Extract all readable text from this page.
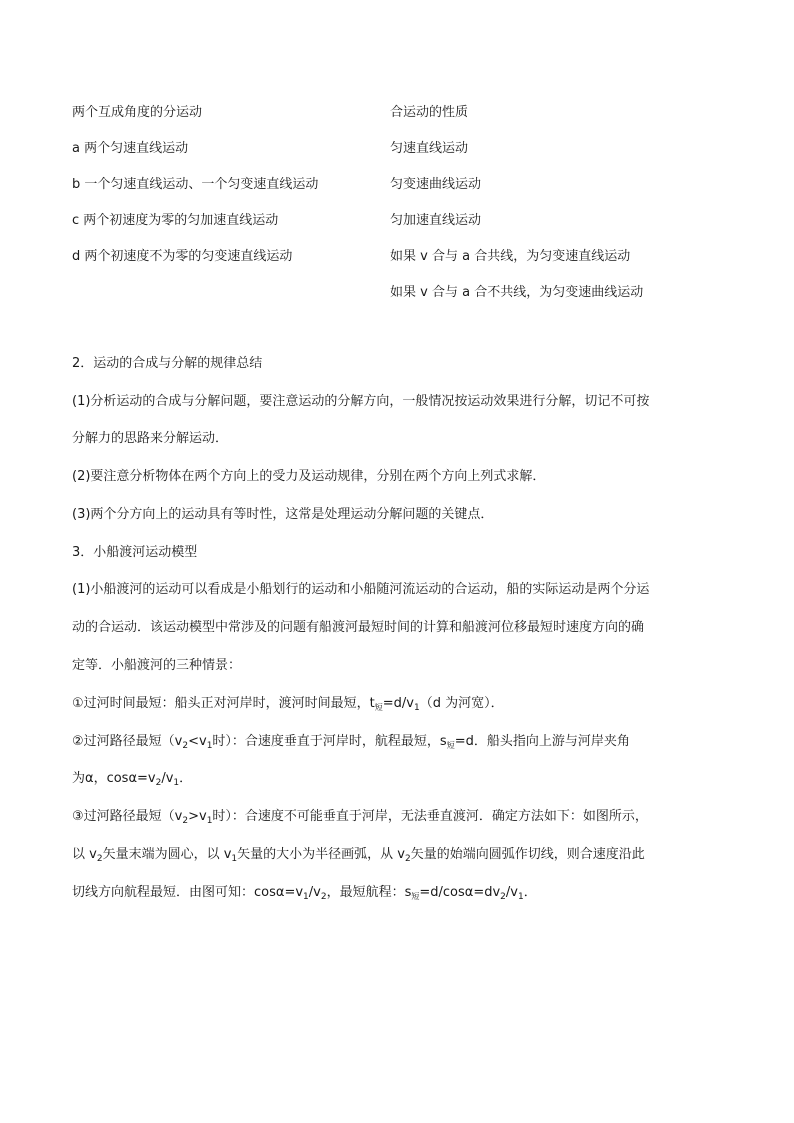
两个互成角度的分运动	合运动的性质
a 两个匀速直线运动	匀速直线运动
b 一个匀速直线运动、一个匀变速直线运动	匀变速曲线运动
c 两个初速度为零的匀加速直线运动	匀加速直线运动
d 两个初速度不为零的匀变速直线运动	如果 v 合与 a 合共线，为匀变速直线运动
如果 v 合与 a 合不共线，为匀变速曲线运动
2．运动的合成与分解的规律总结
(1)分析运动的合成与分解问题，要注意运动的分解方向，一般情况按运动效果进行分解，切记不可按
分解力的思路来分解运动．
(2)要注意分析物体在两个方向上的受力及运动规律，分别在两个方向上列式求解．
(3)两个分方向上的运动具有等时性，这常是处理运动分解问题的关键点．
3．小船渡河运动模型
(1)小船渡河的运动可以看成是小船划行的运动和小船随河流运动的合运动，船的实际运动是两个分运
动的合运动．该运动模型中常涉及的问题有船渡河最短时间的计算和船渡河位移最短时速度方向的确
定等．小船渡河的三种情景：
①过河时间最短：船头正对河岸时，渡河时间最短，$t_短=d/v_1(d$ 为河宽）．
②过河路径最短（$v_2<v_1$时）：合速度垂直于河岸时，航程最短，$s_短=d$．船头指向上游与河岸夹角
为α，$\cos\alpha=v_2/v_1$．
③过河路径最短（$v_2>v_1$时）：合速度不可能垂直于河岸，无法垂直渡河．确定方法如下：如图所示，
以 $v_2$矢量末端为圆心，以 $v_1$矢量的大小为半径画弧，从 $v_2$矢量的始端向圆弧作切线，则合速度沿此
切线方向航程最短．由图可知：$\cos\alpha=v_1/v_2$，最短航程：$s_短=d/\cos\alpha=dv_2/v_1$．
